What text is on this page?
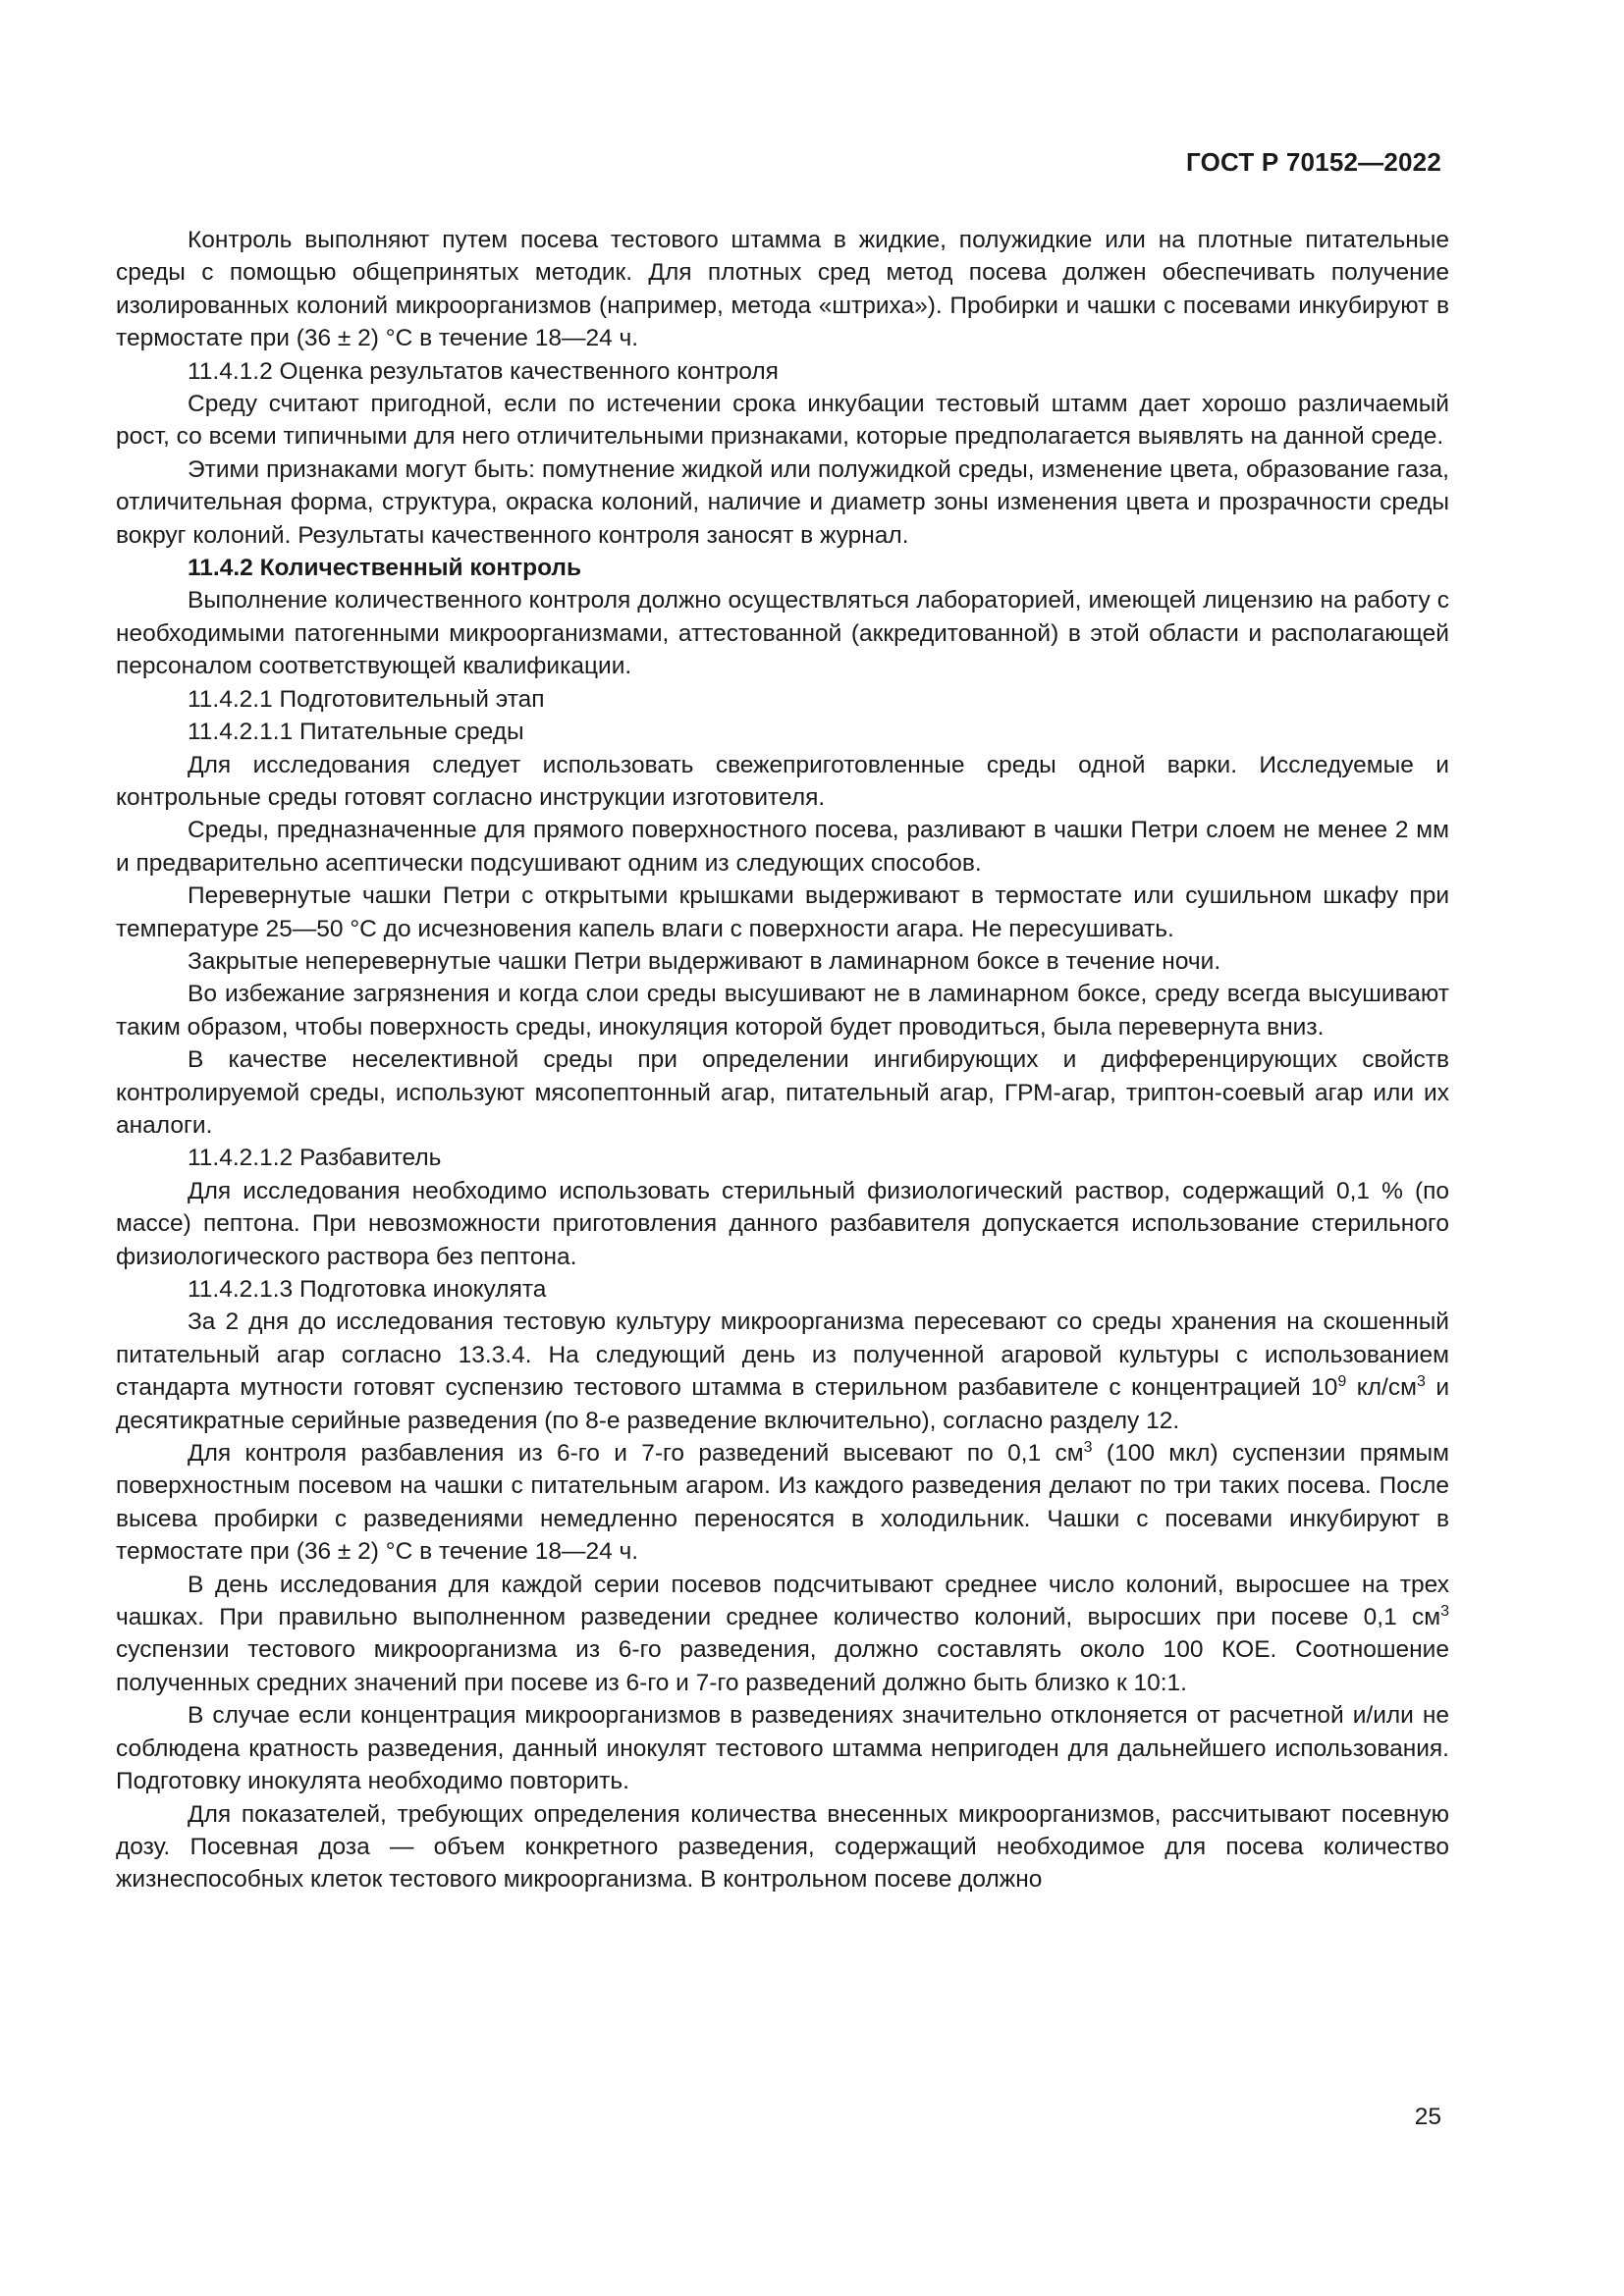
ГОСТ Р 70152—2022

Контроль выполняют путем посева тестового штамма в жидкие, полужидкие или на плотные питательные среды с помощью общепринятых методик. Для плотных сред метод посева должен обеспечивать получение изолированных колоний микроорганизмов (например, метода «штриха»). Пробирки и чашки с посевами инкубируют в термостате при (36 ± 2) °С в течение 18—24 ч.

11.4.1.2 Оценка результатов качественного контроля

Среду считают пригодной, если по истечении срока инкубации тестовый штамм дает хорошо различаемый рост, со всеми типичными для него отличительными признаками, которые предполагается выявлять на данной среде.

Этими признаками могут быть: помутнение жидкой или полужидкой среды, изменение цвета, образование газа, отличительная форма, структура, окраска колоний, наличие и диаметр зоны изменения цвета и прозрачности среды вокруг колоний. Результаты качественного контроля заносят в журнал.

11.4.2 Количественный контроль

Выполнение количественного контроля должно осуществляться лабораторией, имеющей лицензию на работу с необходимыми патогенными микроорганизмами, аттестованной (аккредитованной) в этой области и располагающей персоналом соответствующей квалификации.

11.4.2.1 Подготовительный этап

11.4.2.1.1 Питательные среды

Для исследования следует использовать свежеприготовленные среды одной варки. Исследуемые и контрольные среды готовят согласно инструкции изготовителя.

Среды, предназначенные для прямого поверхностного посева, разливают в чашки Петри слоем не менее 2 мм и предварительно асептически подсушивают одним из следующих способов.

Перевернутые чашки Петри с открытыми крышками выдерживают в термостате или сушильном шкафу при температуре 25—50 °С до исчезновения капель влаги с поверхности агара. Не пересушивать.

Закрытые неперевернутые чашки Петри выдерживают в ламинарном боксе в течение ночи.

Во избежание загрязнения и когда слои среды высушивают не в ламинарном боксе, среду всегда высушивают таким образом, чтобы поверхность среды, инокуляция которой будет проводиться, была перевернута вниз.

В качестве неселективной среды при определении ингибирующих и дифференцирующих свойств контролируемой среды, используют мясопептонный агар, питательный агар, ГРМ-агар, триптон-соевый агар или их аналоги.

11.4.2.1.2 Разбавитель

Для исследования необходимо использовать стерильный физиологический раствор, содержащий 0,1 % (по массе) пептона. При невозможности приготовления данного разбавителя допускается использование стерильного физиологического раствора без пептона.

11.4.2.1.3 Подготовка инокулята

За 2 дня до исследования тестовую культуру микроорганизма пересевают со среды хранения на скошенный питательный агар согласно 13.3.4. На следующий день из полученной агаровой культуры с использованием стандарта мутности готовят суспензию тестового штамма в стерильном разбавителе с концентрацией $10^9$ $кл/см^3$ и десятикратные серийные разведения (по 8-е разведение включительно), согласно разделу 12.

Для контроля разбавления из 6-го и 7-го разведений высевают по 0,1 $см^3$ (100 мкл) суспензии прямым поверхностным посевом на чашки с питательным агаром. Из каждого разведения делают по три таких посева. После высева пробирки с разведениями немедленно переносятся в холодильник. Чашки с посевами инкубируют в термостате при (36 ± 2) °С в течение 18—24 ч.

В день исследования для каждой серии посевов подсчитывают среднее число колоний, выросшее на трех чашках. При правильно выполненном разведении среднее количество колоний, выросших при посеве 0,1 $см^3$ суспензии тестового микроорганизма из 6-го разведения, должно составлять около 100 КОЕ. Соотношение полученных средних значений при посеве из 6-го и 7-го разведений должно быть близко к 10:1.

В случае если концентрация микроорганизмов в разведениях значительно отклоняется от расчетной и/или не соблюдена кратность разведения, данный инокулят тестового штамма непригоден для дальнейшего использования. Подготовку инокулята необходимо повторить.

Для показателей, требующих определения количества внесенных микроорганизмов, рассчитывают посевную дозу. Посевная доза — объем конкретного разведения, содержащий необходимое для посева количество жизнеспособных клеток тестового микроорганизма. В контрольном посеве должно

25
